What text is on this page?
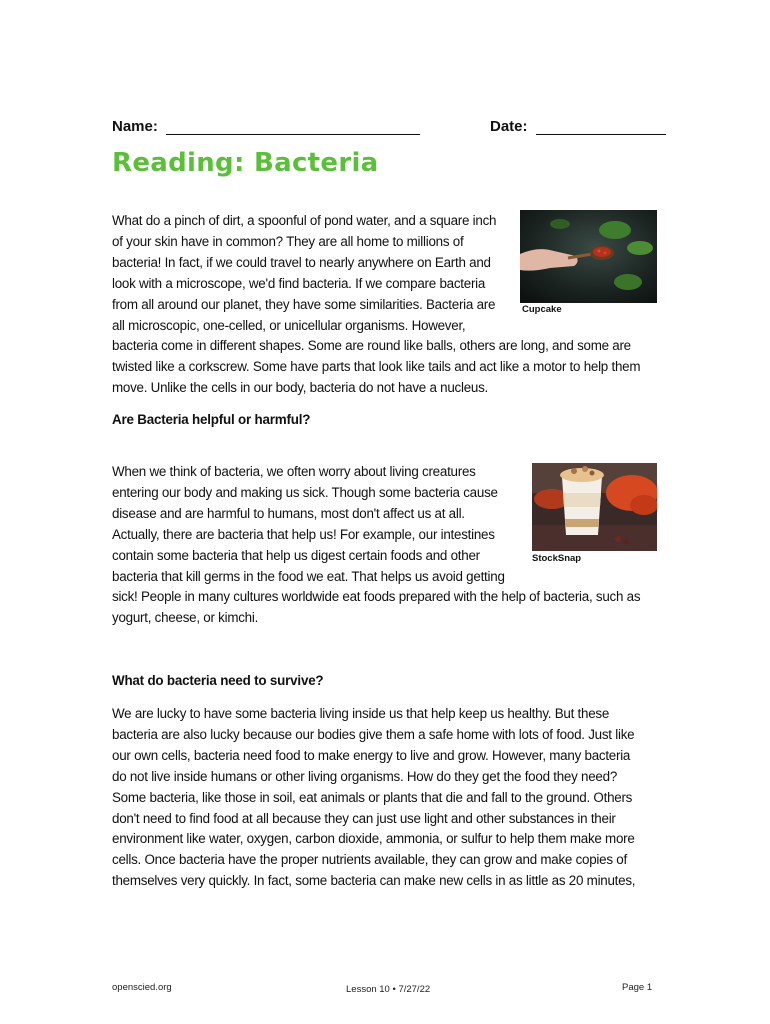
Name:	Date:
Reading: Bacteria

What do a pinch of dirt, a spoonful of pond water, and a square inch

of your skin have in common? They are all home to millions of

bacteria! In fact, if we could travel to nearly anywhere on Earth and

look with a microscope, we'd find bacteria. If we compare bacteria

from all around our planet, they have some similarities. Bacteria are

all microscopic, one-celled, or unicellular organisms. However,

bacteria come in different shapes. Some are round like balls, others are long, and some are

twisted like a corkscrew. Some have parts that look like tails and act like a motor to help them

move. Unlike the cells in our body, bacteria do not have a nucleus.

Cupcake
Are Bacteria helpful or harmful?

When we think of bacteria, we often worry about living creatures

entering our body and making us sick. Though some bacteria cause

disease and are harmful to humans, most don't affect us at all.

Actually, there are bacteria that help us! For example, our intestines

contain some bacteria that help us digest certain foods and other

bacteria that kill germs in the food we eat. That helps us avoid getting

sick! People in many cultures worldwide eat foods prepared with the help of bacteria, such as

yogurt, cheese, or kimchi.

StockSnap
What do bacteria need to survive?

We are lucky to have some bacteria living inside us that help keep us healthy. But these

bacteria are also lucky because our bodies give them a safe home with lots of food. Just like

our own cells, bacteria need food to make energy to live and grow. However, many bacteria

do not live inside humans or other living organisms. How do they get the food they need?

Some bacteria, like those in soil, eat animals or plants that die and fall to the ground. Others

don't need to find food at all because they can just use light and other substances in their

environment like water, oxygen, carbon dioxide, ammonia, or sulfur to help them make more

cells. Once bacteria have the proper nutrients available, they can grow and make copies of

themselves very quickly. In fact, some bacteria can make new cells in as little as 20 minutes,

openscied.org	Lesson 10 • 7/27/22	Page 1
